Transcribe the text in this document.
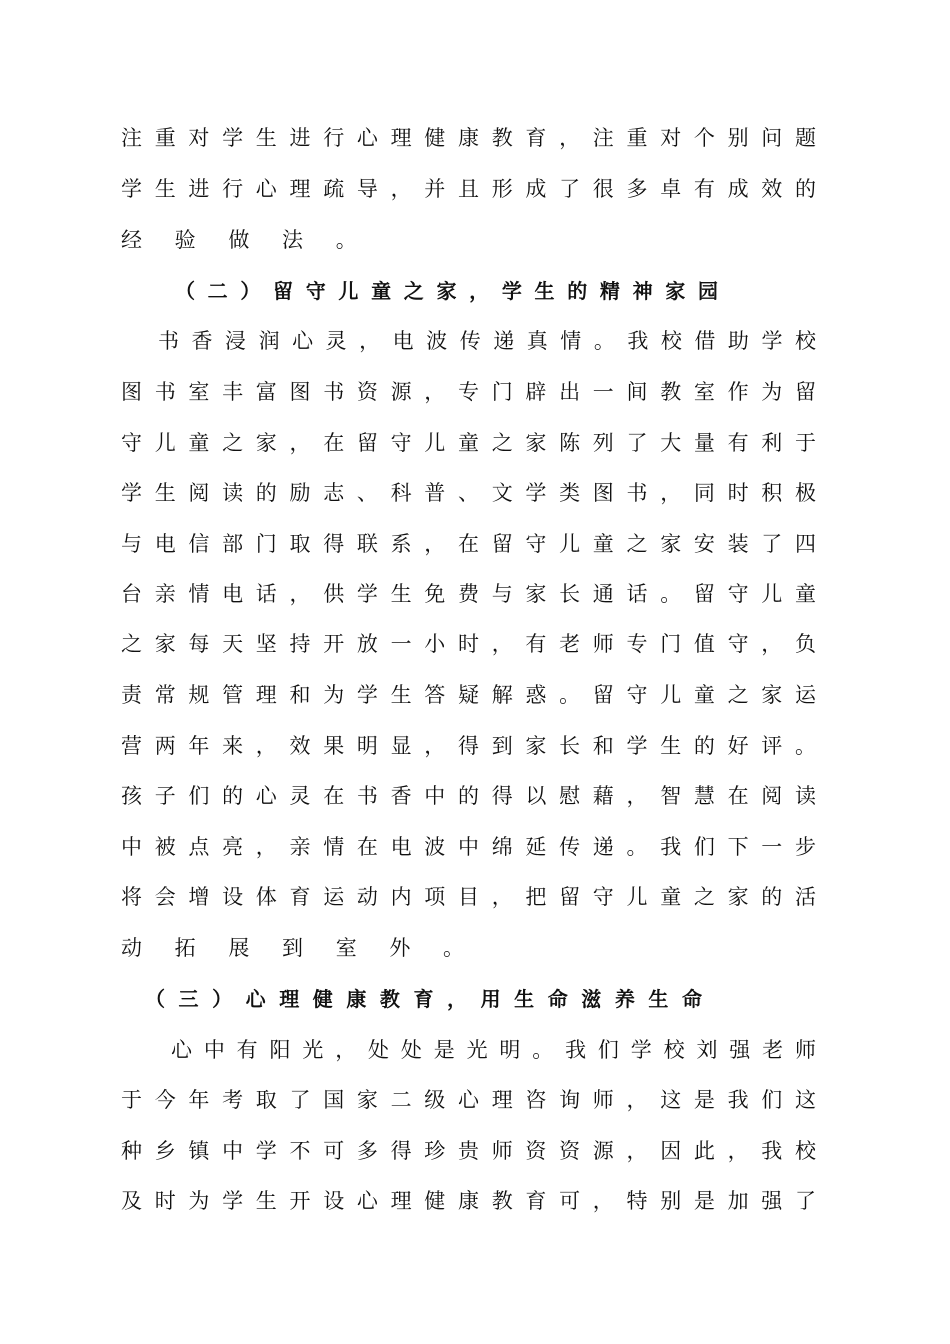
注 重 对 学 生 进 行 心 理 健 康 教 育 ， 注 重 对 个 别 问 题
学 生 进 行 心 理 疏 导 ， 并 且 形 成 了 很 多 卓 有 成 效 的
经 验 做 法 。
（ 二 ） 留 守 儿 童 之 家 ， 学 生 的 精 神 家 园
书 香 浸 润 心 灵 ， 电 波 传 递 真 情 。 我 校 借 助 学 校
图 书 室 丰 富 图 书 资 源 ， 专 门 辟 出 一 间 教 室 作 为 留
守 儿 童 之 家 ， 在 留 守 儿 童 之 家 陈 列 了 大 量 有 利 于
学 生 阅 读 的 励 志 、 科 普 、 文 学 类 图 书 ， 同 时 积 极
与 电 信 部 门 取 得 联 系 ， 在 留 守 儿 童 之 家 安 装 了 四
台 亲 情 电 话 ， 供 学 生 免 费 与 家 长 通 话 。 留 守 儿 童
之 家 每 天 坚 持 开 放 一 小 时 ， 有 老 师 专 门 值 守 ， 负
责 常 规 管 理 和 为 学 生 答 疑 解 惑 。 留 守 儿 童 之 家 运
营 两 年 来 ， 效 果 明 显 ， 得 到 家 长 和 学 生 的 好 评 。
孩 子 们 的 心 灵 在 书 香 中 的 得 以 慰 藉 ， 智 慧 在 阅 读
中 被 点 亮 ， 亲 情 在 电 波 中 绵 延 传 递 。 我 们 下 一 步
将 会 增 设 体 育 运 动 内 项 目 ， 把 留 守 儿 童 之 家 的 活
动 拓 展 到 室 外 。
（ 三 ） 心 理 健 康 教 育 ， 用 生 命 滋 养 生 命
心 中 有 阳 光 ， 处 处 是 光 明 。 我 们 学 校 刘 强 老 师
于 今 年 考 取 了 国 家 二 级 心 理 咨 询 师 ， 这 是 我 们 这
种 乡 镇 中 学 不 可 多 得 珍 贵 师 资 资 源 ， 因 此 ， 我 校
及 时 为 学 生 开 设 心 理 健 康 教 育 可 ， 特 别 是 加 强 了
